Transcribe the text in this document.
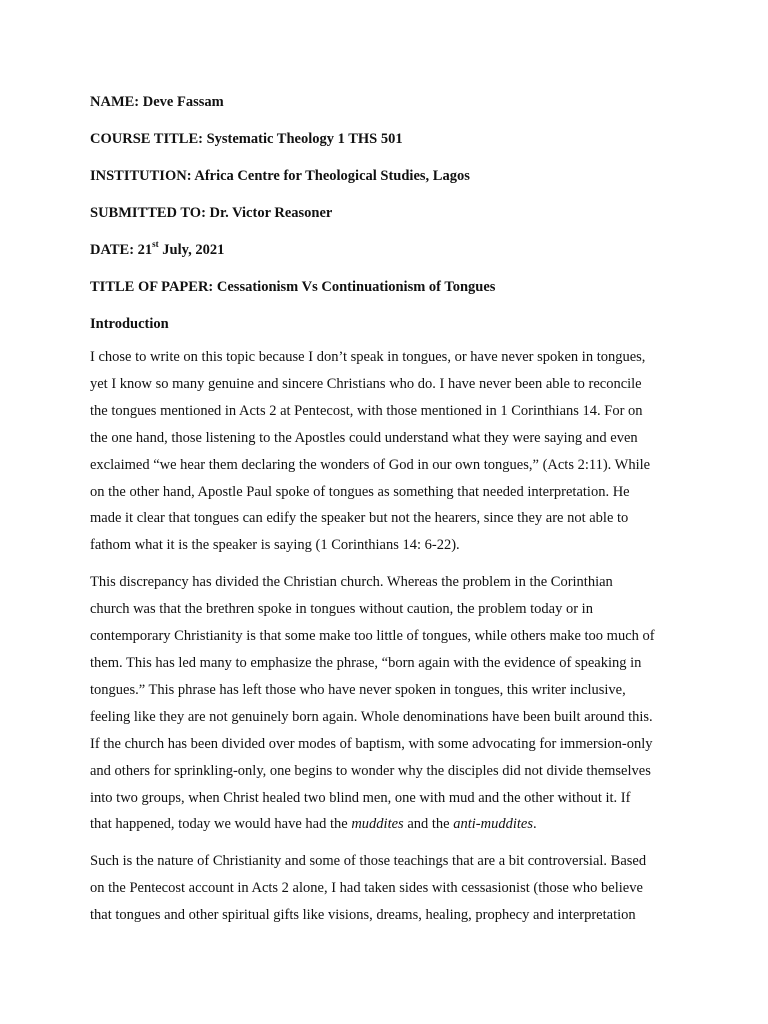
NAME: Deve Fassam
COURSE TITLE: Systematic Theology 1 THS 501
INSTITUTION: Africa Centre for Theological Studies, Lagos
SUBMITTED TO: Dr. Victor Reasoner
DATE: 21st July, 2021
TITLE OF PAPER: Cessationism Vs Continuationism of Tongues
Introduction
I chose to write on this topic because I don’t speak in tongues, or have never spoken in tongues,
yet I know so many genuine and sincere Christians who do. I have never been able to reconcile
the tongues mentioned in Acts 2 at Pentecost, with those mentioned in 1 Corinthians 14. For on
the one hand, those listening to the Apostles could understand what they were saying and even
exclaimed “we hear them declaring the wonders of God in our own tongues,” (Acts 2:11). While
on the other hand, Apostle Paul spoke of tongues as something that needed interpretation. He
made it clear that tongues can edify the speaker but not the hearers, since they are not able to
fathom what it is the speaker is saying (1 Corinthians 14: 6-22).
This discrepancy has divided the Christian church. Whereas the problem in the Corinthian
church was that the brethren spoke in tongues without caution, the problem today or in
contemporary Christianity is that some make too little of tongues, while others make too much of
them. This has led many to emphasize the phrase, “born again with the evidence of speaking in
tongues.” This phrase has left those who have never spoken in tongues, this writer inclusive,
feeling like they are not genuinely born again. Whole denominations have been built around this.
If the church has been divided over modes of baptism, with some advocating for immersion-only
and others for sprinkling-only, one begins to wonder why the disciples did not divide themselves
into two groups, when Christ healed two blind men, one with mud and the other without it. If
that happened, today we would have had the muddites and the anti-muddites.
Such is the nature of Christianity and some of those teachings that are a bit controversial. Based
on the Pentecost account in Acts 2 alone, I had taken sides with cessasionist (those who believe
that tongues and other spiritual gifts like visions, dreams, healing, prophecy and interpretation
